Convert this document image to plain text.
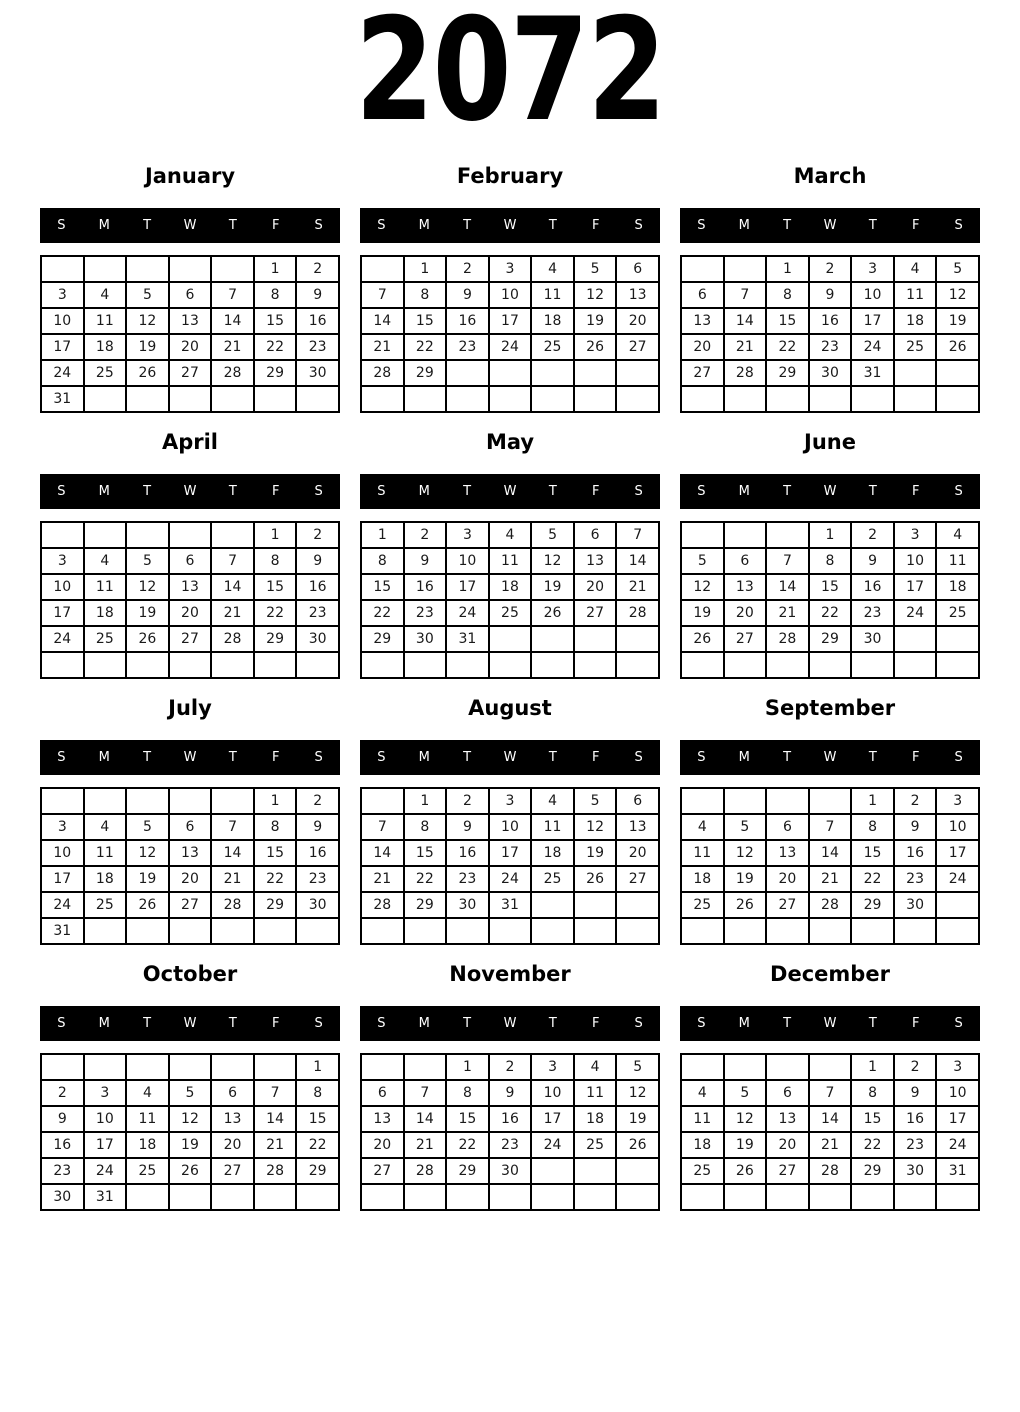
2072
January
S	M	T	W	T	F	S
					1	2
3	4	5	6	7	8	9
10	11	12	13	14	15	16
17	18	19	20	21	22	23
24	25	26	27	28	29	30
31						
February
S	M	T	W	T	F	S
	1	2	3	4	5	6
7	8	9	10	11	12	13
14	15	16	17	18	19	20
21	22	23	24	25	26	27
28	29					

March
S	M	T	W	T	F	S
		1	2	3	4	5
6	7	8	9	10	11	12
13	14	15	16	17	18	19
20	21	22	23	24	25	26
27	28	29	30	31		

April
S	M	T	W	T	F	S
					1	2
3	4	5	6	7	8	9
10	11	12	13	14	15	16
17	18	19	20	21	22	23
24	25	26	27	28	29	30

May
S	M	T	W	T	F	S
1	2	3	4	5	6	7
8	9	10	11	12	13	14
15	16	17	18	19	20	21
22	23	24	25	26	27	28
29	30	31				

June
S	M	T	W	T	F	S
			1	2	3	4
5	6	7	8	9	10	11
12	13	14	15	16	17	18
19	20	21	22	23	24	25
26	27	28	29	30		

July
S	M	T	W	T	F	S
					1	2
3	4	5	6	7	8	9
10	11	12	13	14	15	16
17	18	19	20	21	22	23
24	25	26	27	28	29	30
31						
August
S	M	T	W	T	F	S
	1	2	3	4	5	6
7	8	9	10	11	12	13
14	15	16	17	18	19	20
21	22	23	24	25	26	27
28	29	30	31			

September
S	M	T	W	T	F	S
				1	2	3
4	5	6	7	8	9	10
11	12	13	14	15	16	17
18	19	20	21	22	23	24
25	26	27	28	29	30	

October
S	M	T	W	T	F	S
						1
2	3	4	5	6	7	8
9	10	11	12	13	14	15
16	17	18	19	20	21	22
23	24	25	26	27	28	29
30	31					
November
S	M	T	W	T	F	S
		1	2	3	4	5
6	7	8	9	10	11	12
13	14	15	16	17	18	19
20	21	22	23	24	25	26
27	28	29	30			

December
S	M	T	W	T	F	S
				1	2	3
4	5	6	7	8	9	10
11	12	13	14	15	16	17
18	19	20	21	22	23	24
25	26	27	28	29	30	31
